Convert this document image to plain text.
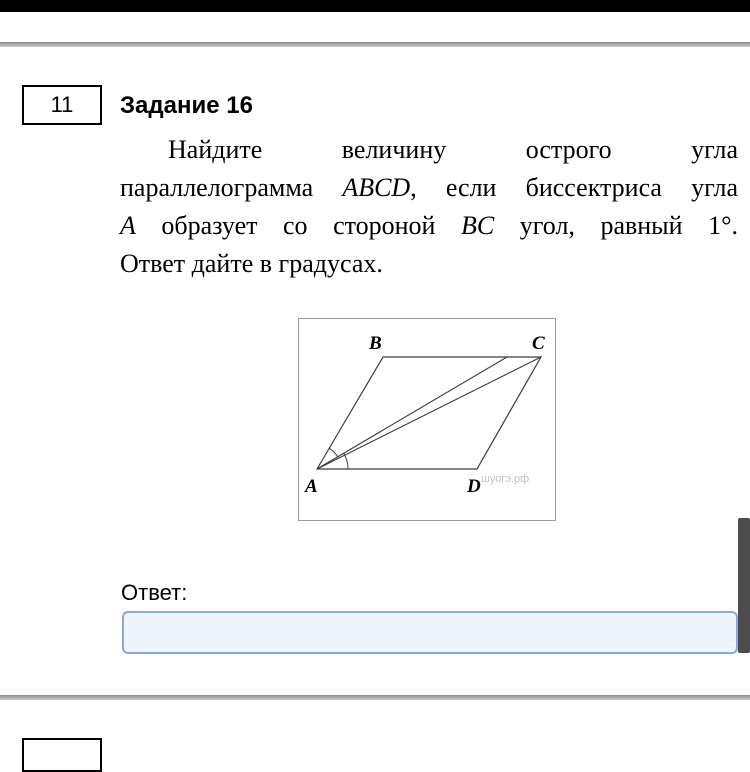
11 Задание 16
Найдите величину острого угла
параллелограмма ABCD, если биссектриса угла
A образует со стороной BC угол, равный 1°.
Ответ дайте в градусах.
B	C
A	D шуогэ.рф
Ответ:
